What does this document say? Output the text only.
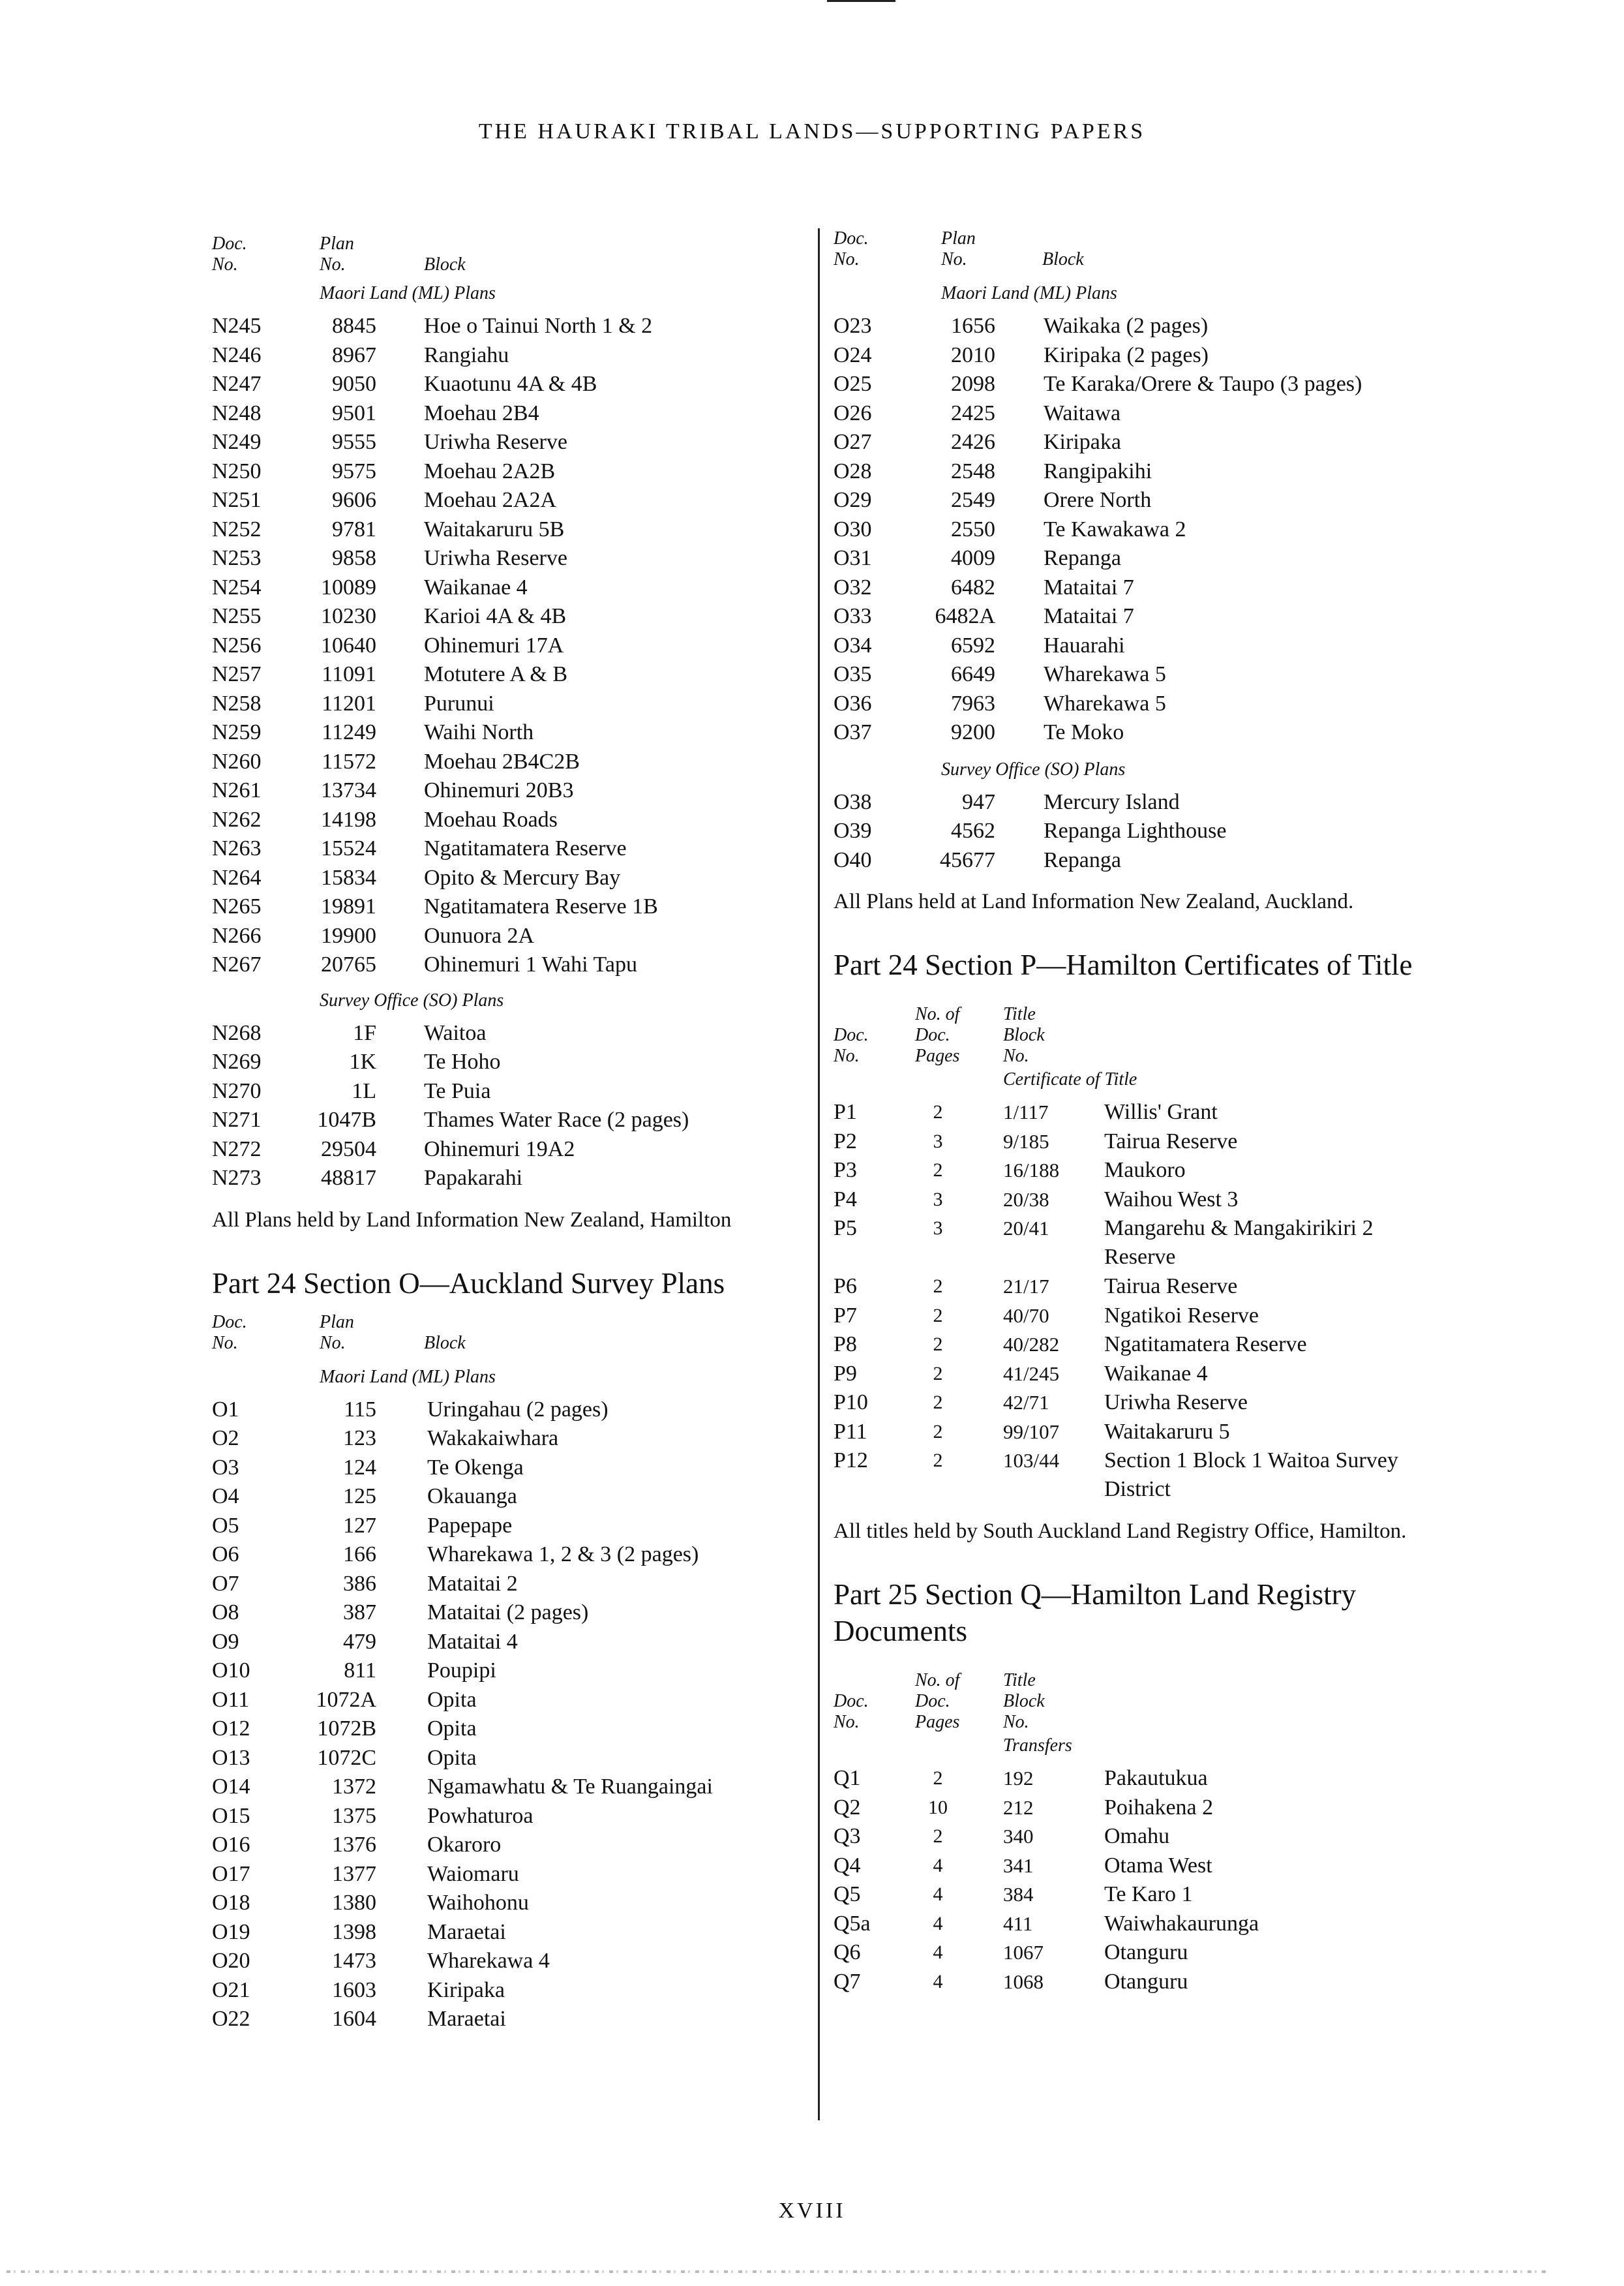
THE HAURAKI TRIBAL LANDS—SUPPORTING PAPERS
Doc.
No.
Plan
No.	Block
Maori Land (ML) Plans
N245	8845 Hoe o Tainui North 1 & 2
N246	8967 Rangiahu
N247	9050 Kuaotunu 4A & 4B
N248	9501 Moehau 2B4
N249	9555 Uriwha Reserve
N250	9575 Moehau 2A2B
N251	9606 Moehau 2A2A
N252	9781 Waitakaruru 5B
N253	9858 Uriwha Reserve
N254	10089 Waikanae 4
N255	10230 Karioi 4A & 4B
N256	10640 Ohinemuri 17A
N257	11091 Motutere A & B
N258	11201 Purunui
N259	11249 Waihi North
N260	11572 Moehau 2B4C2B
N261	13734 Ohinemuri 20B3
N262	14198 Moehau Roads
N263	15524 Ngatitamatera Reserve
N264	15834 Opito & Mercury Bay
N265	19891 Ngatitamatera Reserve 1B
N266	19900 Ounuora 2A
N267	20765 Ohinemuri 1 Wahi Tapu
Survey Office (SO) Plans
N268	1F Waitoa
N269	1K Te Hoho
N270	1L Te Puia
N271	1047B Thames Water Race (2 pages)
N272	29504 Ohinemuri 19A2
N273	48817 Papakarahi
All Plans held by Land Information New Zealand, Hamilton
Part 24 Section O—Auckland Survey Plans
Doc.
No.
Plan
No.	Block
Maori Land (ML) Plans
O1	115 Uringahau (2 pages)
O2	123 Wakakaiwhara
O3	124 Te Okenga
O4	125 Okauanga
O5	127 Papepape
O6	166 Wharekawa 1, 2 & 3 (2 pages)
O7	386 Mataitai 2
O8	387 Mataitai (2 pages)
O9	479 Mataitai 4
O10	811 Poupipi
O11	1072A Opita
O12	1072B Opita
O13	1072C Opita
O14	1372 Ngamawhatu & Te Ruangaingai
O15	1375 Powhaturoa
O16	1376 Okaroro
O17	1377 Waiomaru
O18	1380 Waihohonu
O19	1398 Maraetai
O20	1473 Wharekawa 4
O21	1603 Kiripaka
O22	1604 Maraetai
Doc.
No.
Plan
No.	Block
Maori Land (ML) Plans
O23	1656 Waikaka (2 pages)
O24	2010 Kiripaka (2 pages)
O25	2098 Te Karaka/Orere & Taupo (3 pages)
O26	2425 Waitawa
O27	2426 Kiripaka
O28	2548 Rangipakihi
O29	2549 Orere North
O30	2550 Te Kawakawa 2
O31	4009 Repanga
O32	6482 Mataitai 7
O33	6482A Mataitai 7
O34	6592 Hauarahi
O35	6649 Wharekawa 5
O36	7963 Wharekawa 5
O37	9200 Te Moko
Survey Office (SO) Plans
O38	947 Mercury Island
O39	4562 Repanga Lighthouse
O40	45677 Repanga
All Plans held at Land Information New Zealand, Auckland.
Part 24 Section P—Hamilton Certificates of Title
Doc.
No.
No. of
Doc.
Pages
Title
Block
No.
Certificate of Title
P1	2	1/117	Willis' Grant
P2	3	9/185 Tairua Reserve
P3	2	16/188 Maukoro
P4	3	20/38 Waihou West 3
P5	3	20/41 Mangarehu & Mangakirikiri 2 Reserve
P6	2	21/17 Tairua Reserve
P7	2	40/70 Ngatikoi Reserve
P8	2	40/282 Ngatitamatera Reserve
P9	2	41/245 Waikanae 4
P10	2	42/71 Uriwha Reserve
P11	2	99/107 Waitakaruru 5
P12	2	103/44 Section 1 Block 1 Waitoa Survey District
All titles held by South Auckland Land Registry Office, Hamilton.
Part 25 Section Q—Hamilton Land Registry Documents
Doc.
No.
No. of
Doc.
Pages
Title
Block
No.
Transfers
Q1	2	192	Pakautukua
Q2	10	212	Poihakena 2
Q3	2	340	Omahu
Q4	4	341	Otama West
Q5	4	384	Te Karo 1
Q5a	4	411	Waiwhakaurunga
Q6	4	1067	Otanguru
Q7	4	1068	Otanguru
XVIII
